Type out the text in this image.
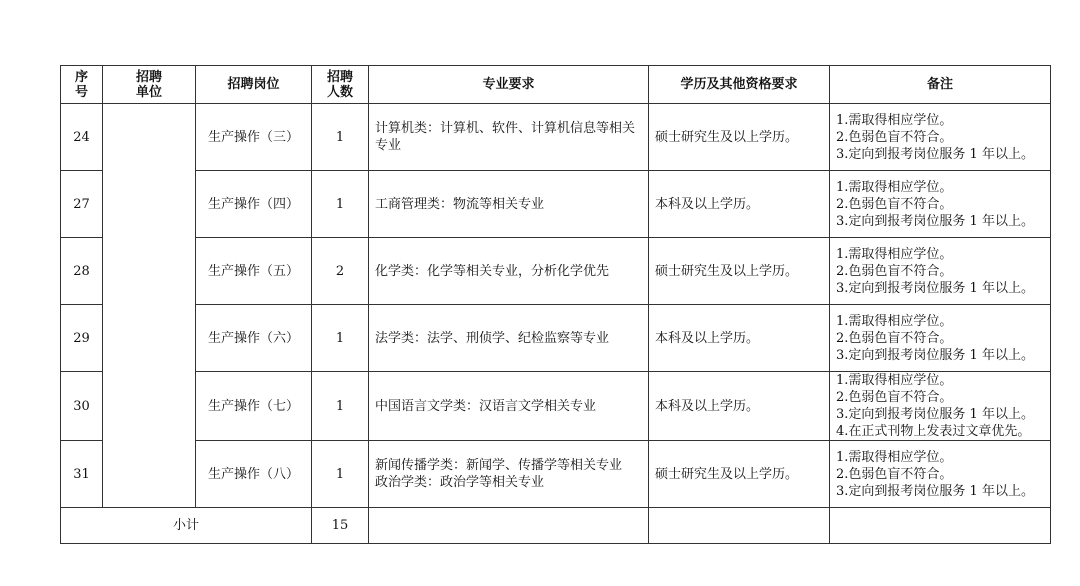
序号	招聘单位	招聘岗位	招聘人数	专业要求	学历及其他资格要求	备注
24		生产操作（三）	1	计算机类：计算机、软件、计算机信息等相关专业	硕士研究生及以上学历。	1.需取得相应学位。
2.色弱色盲不符合。
3.定向到报考岗位服务 1 年以上。

27		生产操作（四）	1	工商管理类：物流等相关专业	本科及以上学历。	1.需取得相应学位。
2.色弱色盲不符合。
3.定向到报考岗位服务 1 年以上。

28		生产操作（五）	2	化学类：化学等相关专业，分析化学优先	硕士研究生及以上学历。	1.需取得相应学位。
2.色弱色盲不符合。
3.定向到报考岗位服务 1 年以上。

29		生产操作（六）	1	法学类：法学、刑侦学、纪检监察等专业	本科及以上学历。	1.需取得相应学位。
2.色弱色盲不符合。
3.定向到报考岗位服务 1 年以上。

30		生产操作（七）	1	中国语言文学类：汉语言文学相关专业	本科及以上学历。	1.需取得相应学位。
2.色弱色盲不符合。
3.定向到报考岗位服务 1 年以上。
4.在正式刊物上发表过文章优先。

31		生产操作（八）	1	新闻传播学类：新闻学、传播学等相关专业
政治学类：政治学等相关专业	硕士研究生及以上学历。	1.需取得相应学位。
2.色弱色盲不符合。
3.定向到报考岗位服务 1 年以上。

小计			15			
